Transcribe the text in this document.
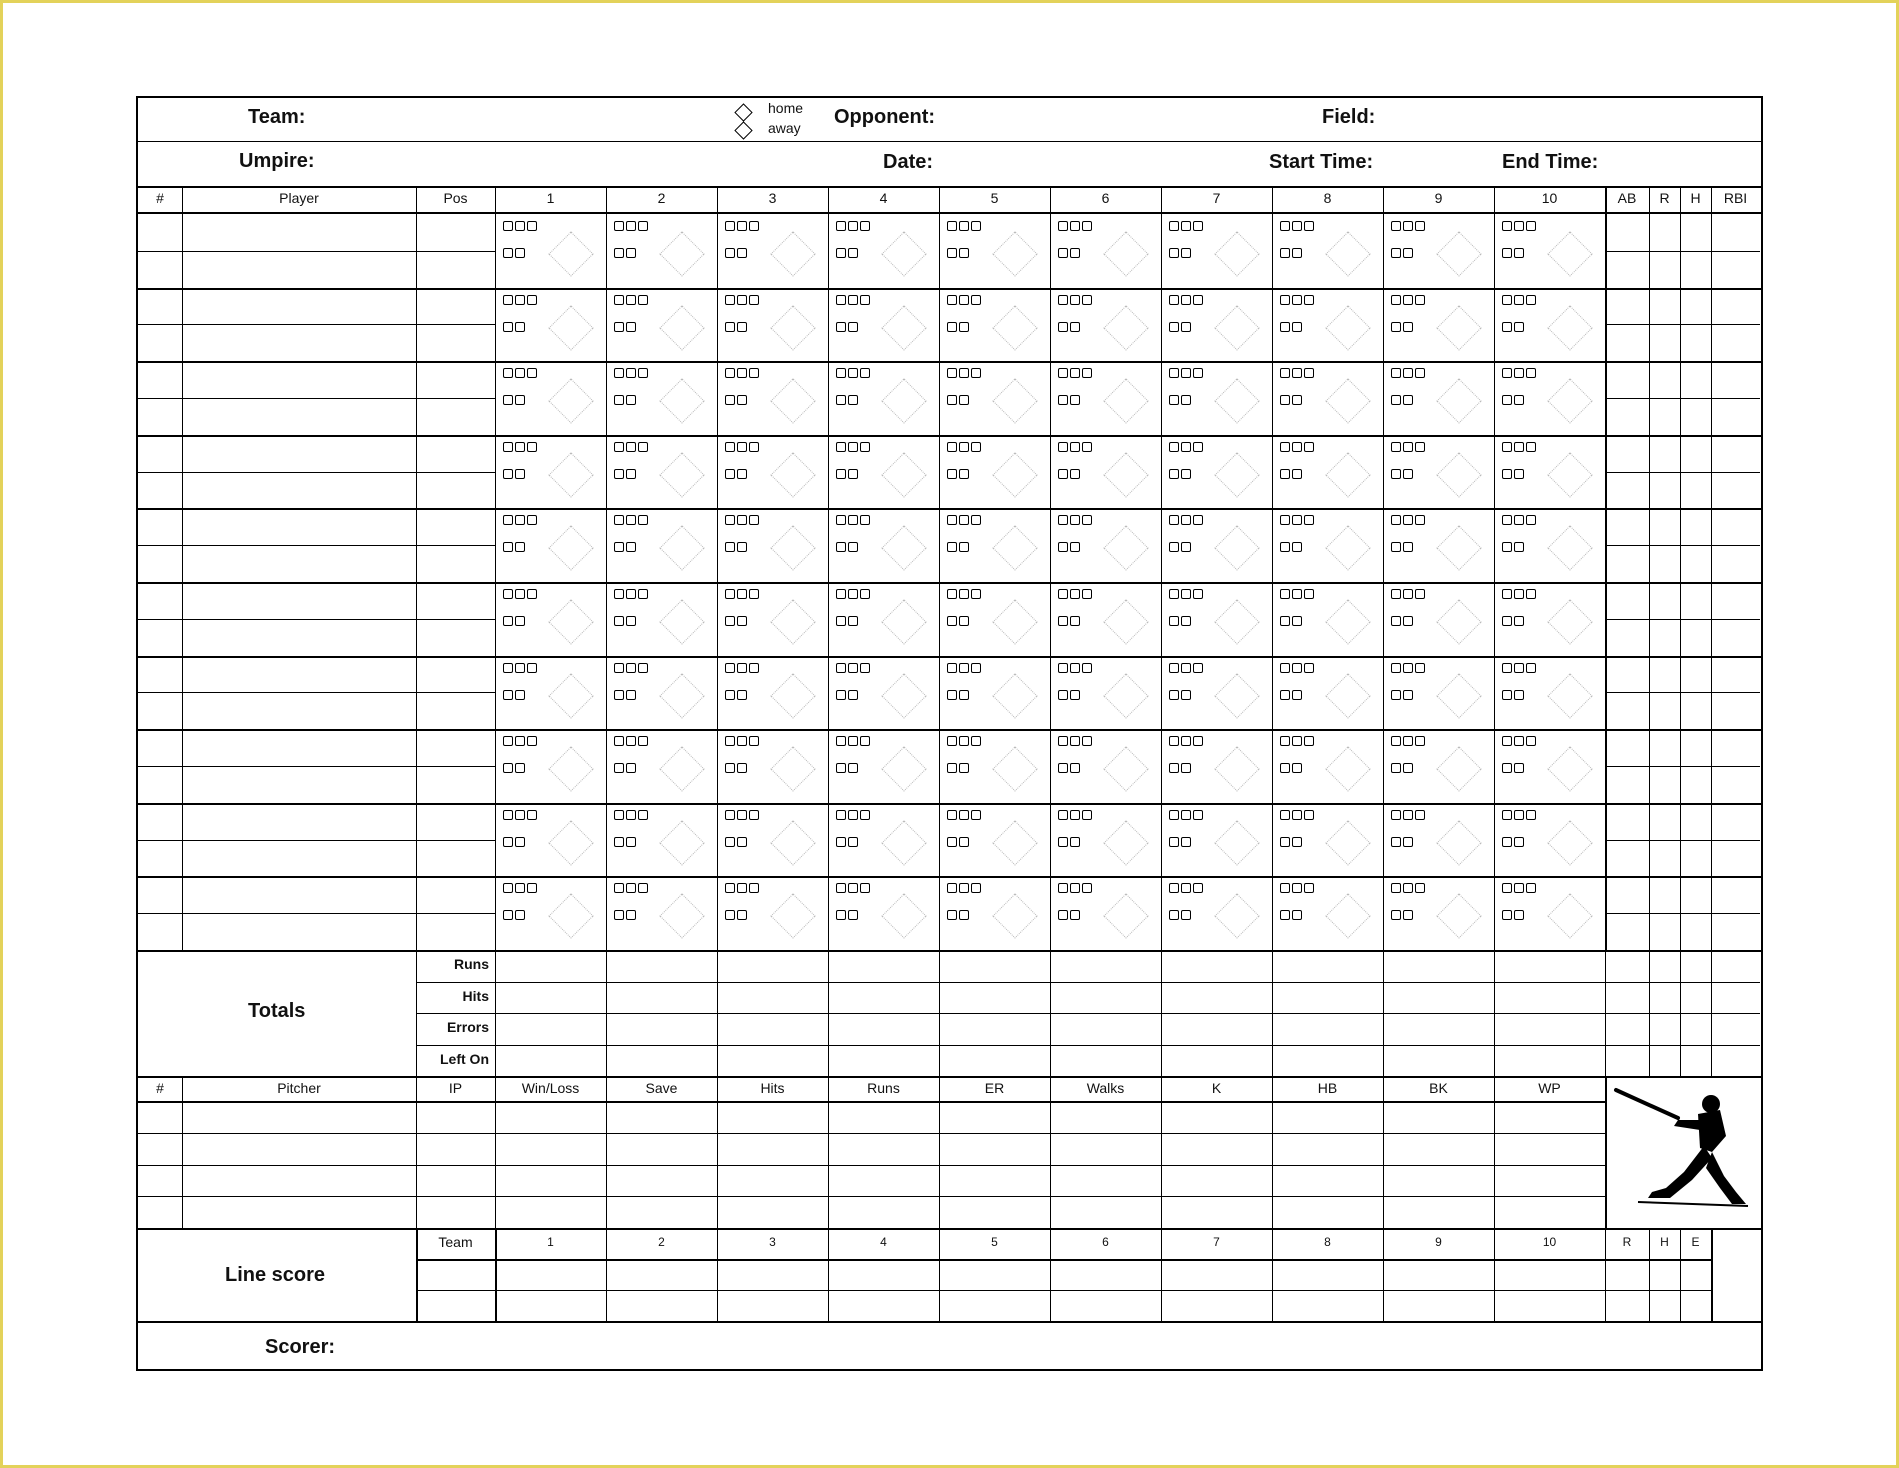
Team:	home
away Opponent:	Field:
Umpire:	Date:	Start Time:	End Time:
Totals
Line score
Scorer:
#	Player	Pos	1	2	3	4	5	6	7	8	9	10	AB R H RBI
Runs
Hits
Errors
Left On
#	Pitcher	IP	Win/Loss	Save	Hits	Runs	ER	Walks	K	HB	BK	WP
Team	1	2	3	4	5	6	7	8	9	10	R H E
